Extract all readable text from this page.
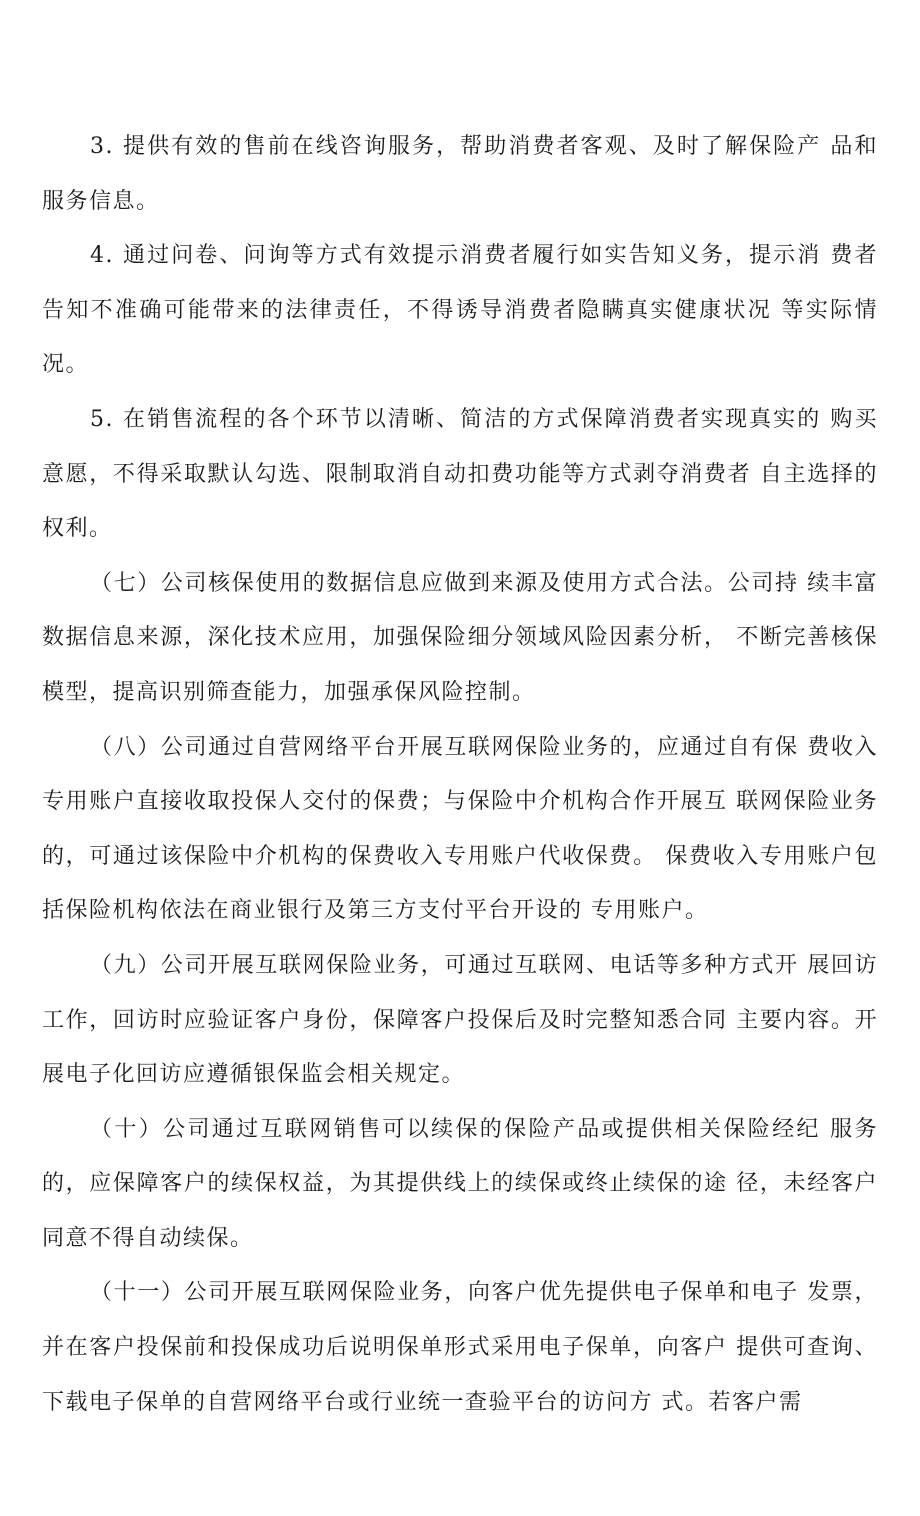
3. 提供有效的售前在线咨询服务，帮助消费者客观、及时了解保险产 品和服务信息。

4. 通过问卷、问询等方式有效提示消费者履行如实告知义务，提示消 费者告知不准确可能带来的法律责任，不得诱导消费者隐瞒真实健康状况 等实际情况。

5. 在销售流程的各个环节以清晰、简洁的方式保障消费者实现真实的 购买意愿，不得采取默认勾选、限制取消自动扣费功能等方式剥夺消费者 自主选择的权利。

（七）公司核保使用的数据信息应做到来源及使用方式合法。公司持 续丰富数据信息来源，深化技术应用，加强保险细分领域风险因素分析， 不断完善核保模型，提高识别筛查能力，加强承保风险控制。

（八）公司通过自营网络平台开展互联网保险业务的，应通过自有保 费收入专用账户直接收取投保人交付的保费；与保险中介机构合作开展互 联网保险业务的，可通过该保险中介机构的保费收入专用账户代收保费。 保费收入专用账户包括保险机构依法在商业银行及第三方支付平台开设的 专用账户。

（九）公司开展互联网保险业务，可通过互联网、电话等多种方式开 展回访工作，回访时应验证客户身份，保障客户投保后及时完整知悉合同 主要内容。开展电子化回访应遵循银保监会相关规定。

（十）公司通过互联网销售可以续保的保险产品或提供相关保险经纪 服务的，应保障客户的续保权益，为其提供线上的续保或终止续保的途 径，未经客户同意不得自动续保。

（十一）公司开展互联网保险业务，向客户优先提供电子保单和电子 发票，并在客户投保前和投保成功后说明保单形式采用电子保单，向客户 提供可查询、下载电子保单的自营网络平台或行业统一查验平台的访问方 式。若客户需
